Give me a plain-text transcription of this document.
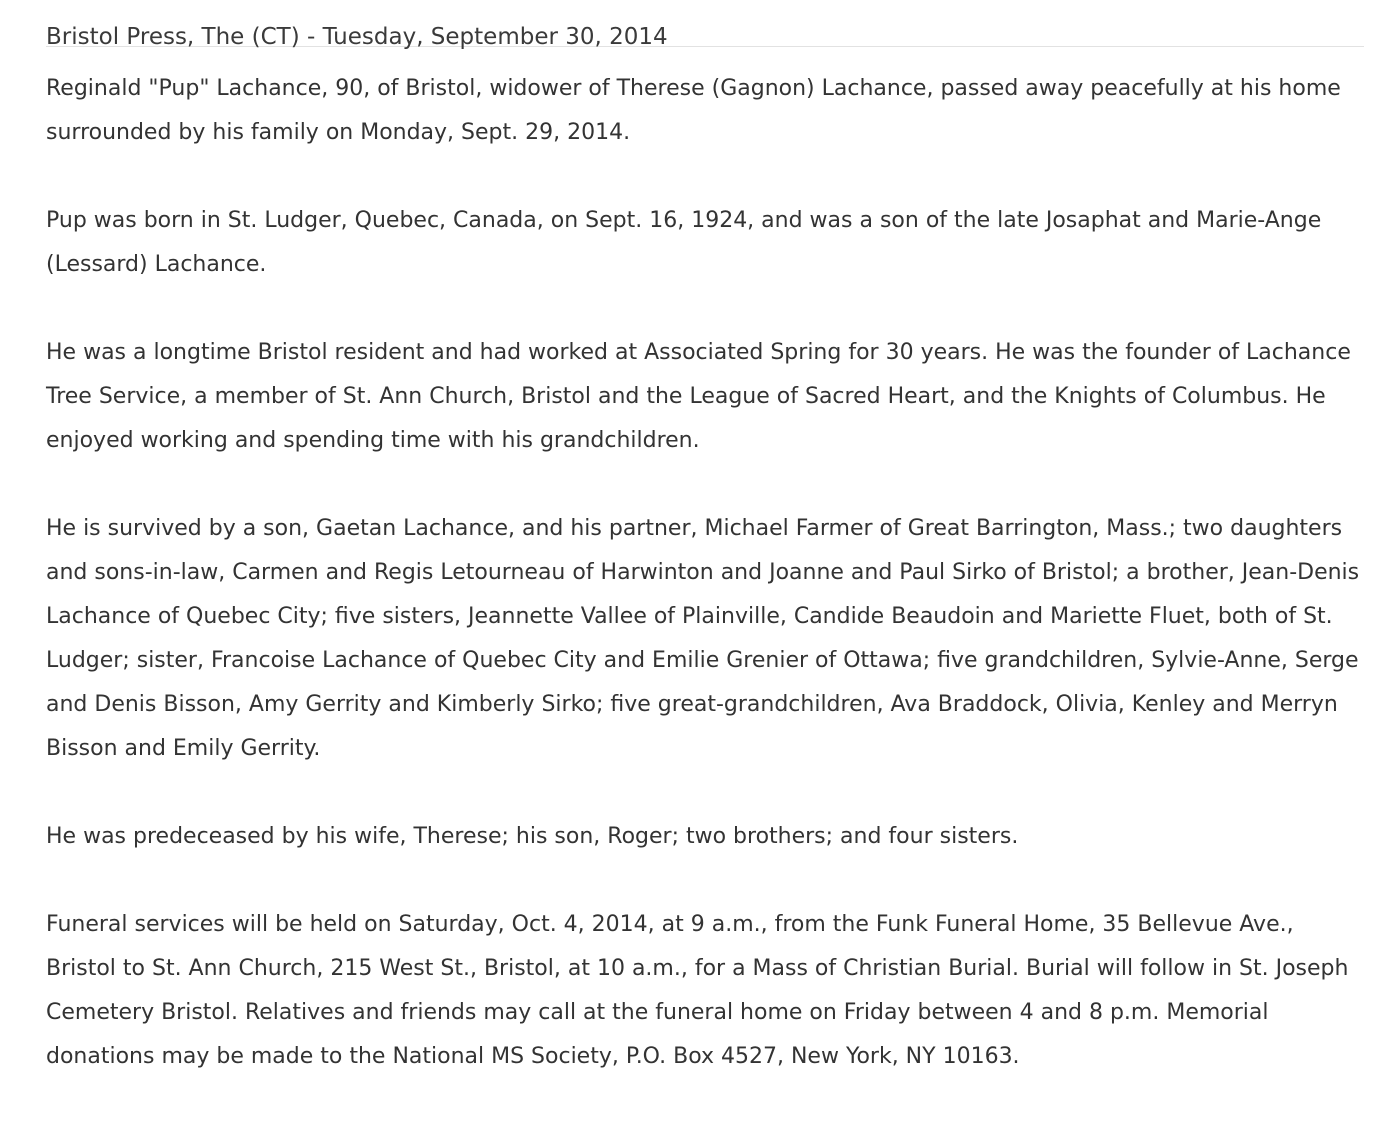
Bristol Press, The (CT) - Tuesday, September 30, 2014

Reginald "Pup" Lachance, 90, of Bristol, widower of Therese (Gagnon) Lachance, passed away peacefully at his home surrounded by his family on Monday, Sept. 29, 2014.

Pup was born in St. Ludger, Quebec, Canada, on Sept. 16, 1924, and was a son of the late Josaphat and Marie-Ange (Lessard) Lachance.

He was a longtime Bristol resident and had worked at Associated Spring for 30 years. He was the founder of Lachance Tree Service, a member of St. Ann Church, Bristol and the League of Sacred Heart, and the Knights of Columbus. He enjoyed working and spending time with his grandchildren.

He is survived by a son, Gaetan Lachance, and his partner, Michael Farmer of Great Barrington, Mass.; two daughters and sons-in-law, Carmen and Regis Letourneau of Harwinton and Joanne and Paul Sirko of Bristol; a brother, Jean-Denis Lachance of Quebec City; five sisters, Jeannette Vallee of Plainville, Candide Beaudoin and Mariette Fluet, both of St. Ludger; sister, Francoise Lachance of Quebec City and Emilie Grenier of Ottawa; five grandchildren, Sylvie-Anne, Serge and Denis Bisson, Amy Gerrity and Kimberly Sirko; five great-grandchildren, Ava Braddock, Olivia, Kenley and Merryn Bisson and Emily Gerrity.

He was predeceased by his wife, Therese; his son, Roger; two brothers; and four sisters.

Funeral services will be held on Saturday, Oct. 4, 2014, at 9 a.m., from the Funk Funeral Home, 35 Bellevue Ave., Bristol to St. Ann Church, 215 West St., Bristol, at 10 a.m., for a Mass of Christian Burial. Burial will follow in St. Joseph Cemetery Bristol. Relatives and friends may call at the funeral home on Friday between 4 and 8 p.m. Memorial donations may be made to the National MS Society, P.O. Box 4527, New York, NY 10163.
